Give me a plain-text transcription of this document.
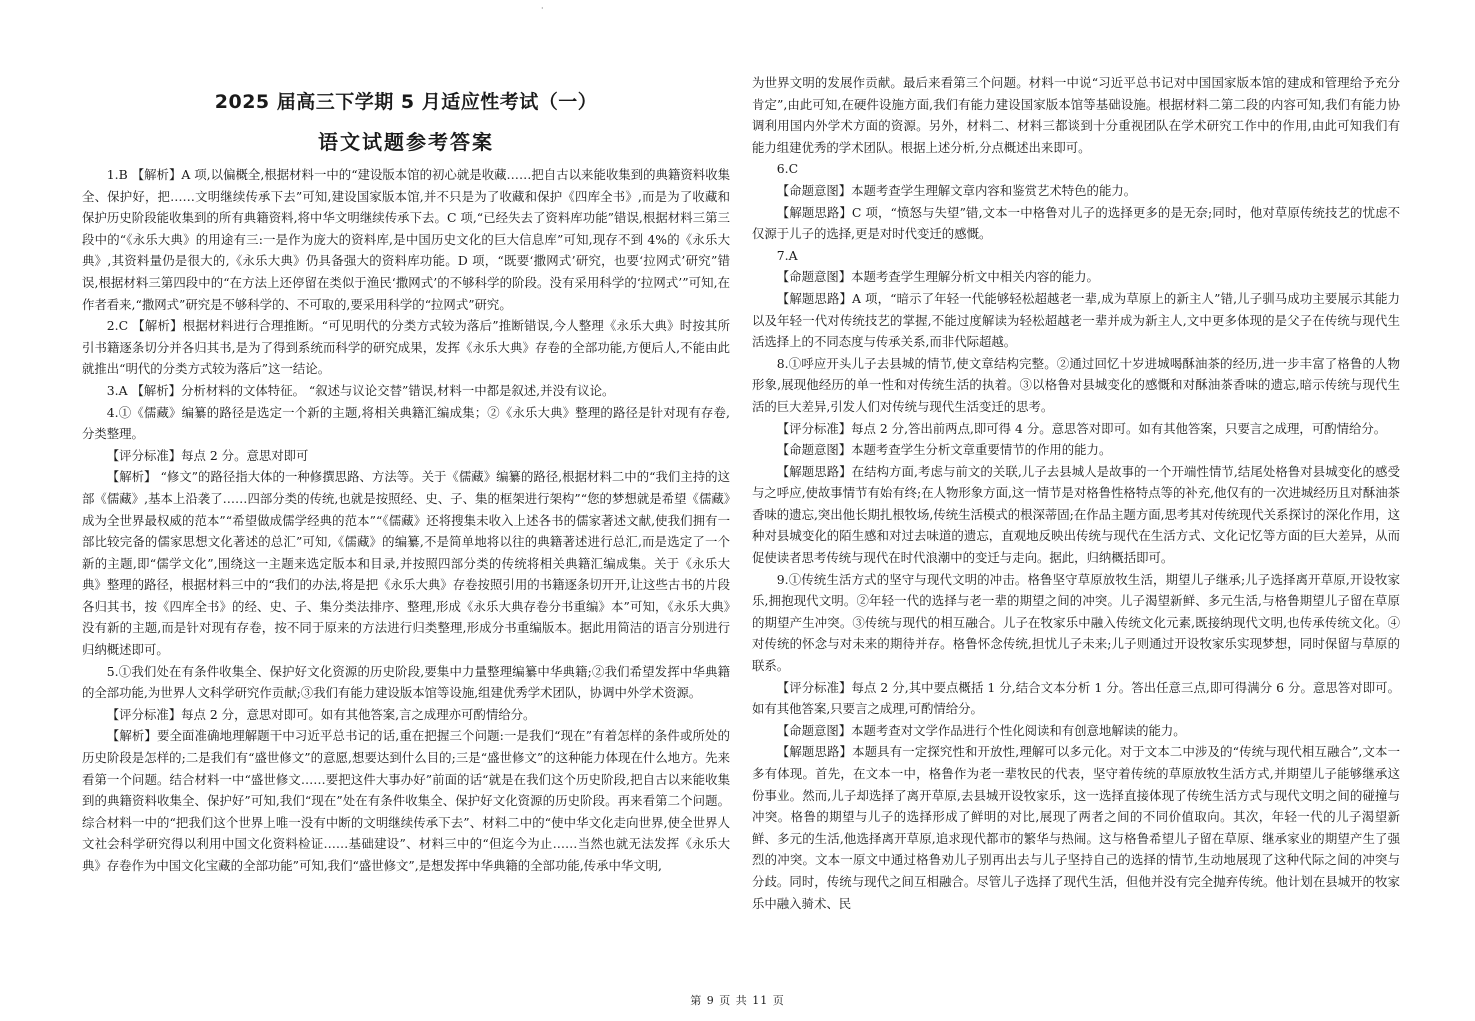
·
2025 届高三下学期 5 月适应性考试（一）
语文试题参考答案

1.B 【解析】A 项,以偏概全,根据材料一中的“建设版本馆的初心就是收藏……把自古以来能收集到的典籍资料收集全、保护好，把……文明继续传承下去”可知,建设国家版本馆,并不只是为了收藏和保护《四库全书》,而是为了收藏和保护历史阶段能收集到的所有典籍资料,将中华文明继续传承下去。C 项,“已经失去了资料库功能”错误,根据材料三第三段中的“《永乐大典》的用途有三:一是作为庞大的资料库,是中国历史文化的巨大信息库”可知,现存不到 4%的《永乐大典》,其资料量仍是很大的,《永乐大典》仍具备强大的资料库功能。D 项，“既要‘撒网式’研究，也要‘拉网式’研究”错误,根据材料三第四段中的“在方法上还停留在类似于渔民‘撒网式’的不够科学的阶段。没有采用科学的‘拉网式’”可知,在作者看来,“撒网式”研究是不够科学的、不可取的,要采用科学的“拉网式”研究。

2.C 【解析】根据材料进行合理推断。“可见明代的分类方式较为落后”推断错误,今人整理《永乐大典》时按其所引书籍逐条切分并各归其书,是为了得到系统而科学的研究成果，发挥《永乐大典》存卷的全部功能,方便后人,不能由此就推出“明代的分类方式较为落后”这一结论。

3.A 【解析】分析材料的文体特征。 “叙述与议论交替”错误,材料一中都是叙述,并没有议论。

4.①《儒藏》编纂的路径是选定一个新的主题,将相关典籍汇编成集；②《永乐大典》整理的路径是针对现有存卷,分类整理。

【评分标准】每点 2 分。意思对即可

【解析】 “修文”的路径指大体的一种修撰思路、方法等。关于《儒藏》编纂的路径,根据材料二中的“我们主持的这部《儒藏》,基本上沿袭了……四部分类的传统,也就是按照经、史、子、集的框架进行架构”“您的梦想就是希望《儒藏》成为全世界最权威的范本”“希望做成儒学经典的范本”“《儒藏》还将搜集未收入上述各书的儒家著述文献,使我们拥有一部比较完备的儒家思想文化著述的总汇”可知,《儒藏》的编纂,不是简单地将以往的典籍著述进行总汇,而是选定了一个新的主题,即“儒学文化”,围绕这一主题来选定版本和目录,并按照四部分类的传统将相关典籍汇编成集。关于《永乐大典》整理的路径，根据材料三中的“我们的办法,将是把《永乐大典》存卷按照引用的书籍逐条切开开,让这些古书的片段各归其书，按《四库全书》的经、史、子、集分类法排序、整理,形成《永乐大典存卷分书重编》本”可知，《永乐大典》没有新的主题,而是针对现有存卷，按不同于原来的方法进行归类整理,形成分书重编版本。据此用简洁的语言分别进行归纳概述即可。

5.①我们处在有条件收集全、保护好文化资源的历史阶段,要集中力量整理编纂中华典籍;②我们希望发挥中华典籍的全部功能,为世界人文科学研究作贡献;③我们有能力建设版本馆等设施,组建优秀学术团队，协调中外学术资源。

【评分标准】每点 2 分，意思对即可。如有其他答案,言之成理亦可酌情给分。

【解析】要全面准确地理解题干中习近平总书记的话,重在把握三个问题:一是我们“现在”有着怎样的条件或所处的历史阶段是怎样的;二是我们有“盛世修文”的意愿,想要达到什么目的;三是“盛世修文”的这种能力体现在什么地方。先来看第一个问题。结合材料一中“盛世修文……要把这件大事办好”前面的话“就是在我们这个历史阶段,把自古以来能收集到的典籍资料收集全、保护好”可知,我们“现在”处在有条件收集全、保护好文化资源的历史阶段。再来看第二个问题。综合材料一中的“把我们这个世界上唯一没有中断的文明继续传承下去”、材料二中的“使中华文化走向世界,使全世界人文社会科学研究得以利用中国文化资料检证……基础建设”、材料三中的“但迄今为止……当然也就无法发挥《永乐大典》存卷作为中国文化宝藏的全部功能”可知,我们“盛世修文”,是想发挥中华典籍的全部功能,传承中华文明,

为世界文明的发展作贡献。最后来看第三个问题。材料一中说“习近平总书记对中国国家版本馆的建成和管理给予充分肯定”,由此可知,在硬件设施方面,我们有能力建设国家版本馆等基础设施。根据材料二第二段的内容可知,我们有能力协调利用国内外学术方面的资源。另外，材料二、材料三都谈到十分重视团队在学术研究工作中的作用,由此可知我们有能力组建优秀的学术团队。根据上述分析,分点概述出来即可。

6.C

【命题意图】本题考查学生理解文章内容和鉴赏艺术特色的能力。

【解题思路】C 项，“愤怒与失望”错,文本一中格鲁对儿子的选择更多的是无奈;同时，他对草原传统技艺的忧虑不仅源于儿子的选择,更是对时代变迁的感慨。

7.A

【命题意图】本题考查学生理解分析文中相关内容的能力。

【解题思路】A 项，“暗示了年轻一代能够轻松超越老一辈,成为草原上的新主人”错,儿子驯马成功主要展示其能力以及年轻一代对传统技艺的掌握,不能过度解读为轻松超越老一辈并成为新主人,文中更多体现的是父子在传统与现代生活选择上的不同态度与传承关系,而非代际超越。

8.①呼应开头儿子去县城的情节,使文章结构完整。②通过回忆十岁进城喝酥油茶的经历,进一步丰富了格鲁的人物形象,展现他经历的单一性和对传统生活的执着。③以格鲁对县城变化的感慨和对酥油茶香味的遗忘,暗示传统与现代生活的巨大差异,引发人们对传统与现代生活变迁的思考。

【评分标准】每点 2 分,答出前两点,即可得 4 分。意思答对即可。如有其他答案，只要言之成理，可酌情给分。

【命题意图】本题考查学生分析文章重要情节的作用的能力。

【解题思路】在结构方面,考虑与前文的关联,儿子去县城人是故事的一个开端性情节,结尾处格鲁对县城变化的感受与之呼应,使故事情节有始有终;在人物形象方面,这一情节是对格鲁性格特点等的补充,他仅有的一次进城经历且对酥油茶香味的遗忘,突出他长期扎根牧场,传统生活模式的根深蒂固;在作品主题方面,思考其对传统现代关系探讨的深化作用，这种对县城变化的陌生感和对过去味道的遗忘，直观地反映出传统与现代在生活方式、文化记忆等方面的巨大差异，从而促使读者思考传统与现代在时代浪潮中的变迁与走向。据此，归纳概括即可。

9.①传统生活方式的坚守与现代文明的冲击。格鲁坚守草原放牧生活，期望儿子继承;儿子选择离开草原,开设牧家乐,拥抱现代文明。②年轻一代的选择与老一辈的期望之间的冲突。儿子渴望新鲜、多元生活,与格鲁期望儿子留在草原的期望产生冲突。③传统与现代的相互融合。儿子在牧家乐中融入传统文化元素,既接纳现代文明,也传承传统文化。④对传统的怀念与对未来的期待并存。格鲁怀念传统,担忧儿子未来;儿子则通过开设牧家乐实现梦想，同时保留与草原的联系。

【评分标准】每点 2 分,其中要点概括 1 分,结合文本分析 1 分。答出任意三点,即可得满分 6 分。意思答对即可。如有其他答案,只要言之成理,可酌情给分。

【命题意图】本题考查对文学作品进行个性化阅读和有创意地解读的能力。

【解题思路】本题具有一定探究性和开放性,理解可以多元化。对于文本二中涉及的“传统与现代相互融合”,文本一多有体现。首先，在文本一中，格鲁作为老一辈牧民的代表，坚守着传统的草原放牧生活方式,并期望儿子能够继承这份事业。然而,儿子却选择了离开草原,去县城开设牧家乐，这一选择直接体现了传统生活方式与现代文明之间的碰撞与冲突。格鲁的期望与儿子的选择形成了鲜明的对比,展现了两者之间的不同价值取向。其次，年轻一代的儿子渴望新鲜、多元的生活,他选择离开草原,追求现代都市的繁华与热闹。这与格鲁希望儿子留在草原、继承家业的期望产生了强烈的冲突。文本一原文中通过格鲁劝儿子别再出去与儿子坚持自己的选择的情节,生动地展现了这种代际之间的冲突与分歧。同时，传统与现代之间互相融合。尽管儿子选择了现代生活，但他并没有完全抛弃传统。他计划在县城开的牧家乐中融入骑术、民

第 9 页 共 11 页
